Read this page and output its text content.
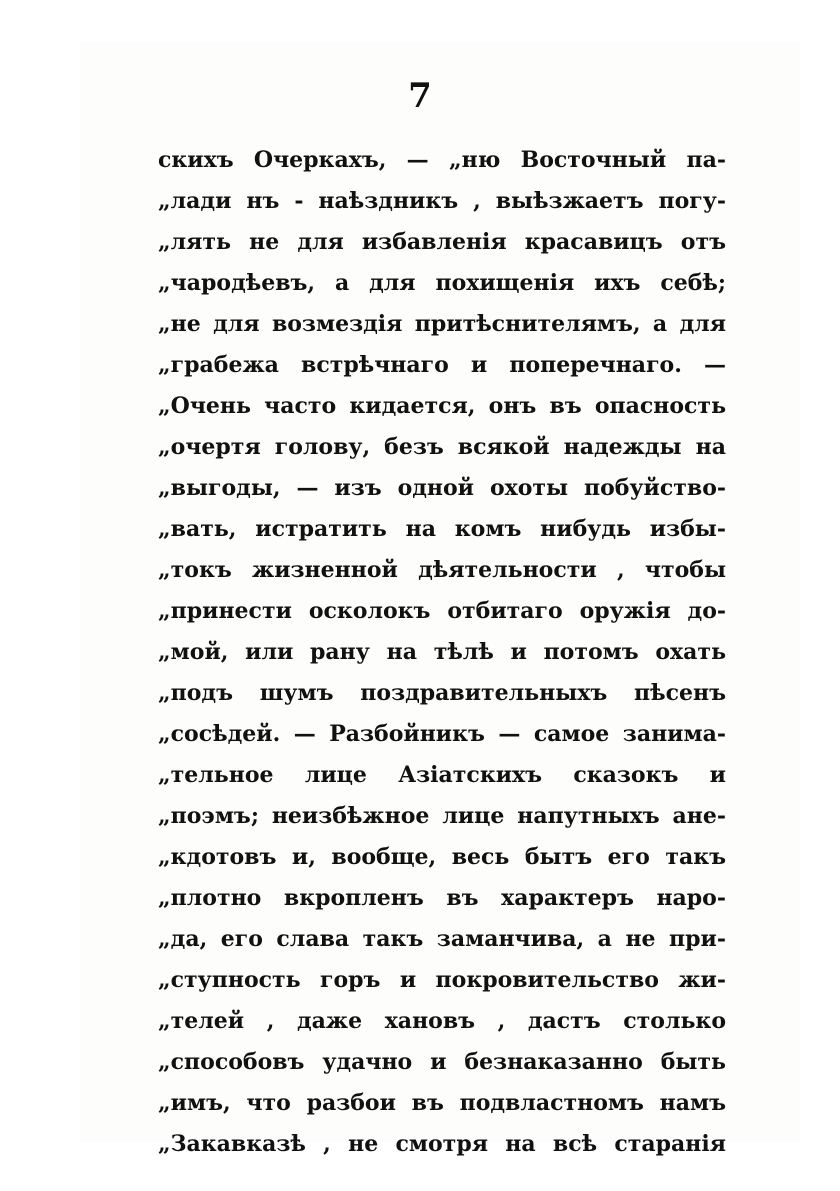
7
скихъ Очеркахъ, — „ню Восточный па-
„лади нъ - наѣздникъ , выѣзжаетъ погу-
„лять не для избавленія красавицъ отъ
„чародѣевъ, а для похищенія ихъ себѣ;
„не для возмездія притѣснителямъ, а для
„грабежа встрѣчнаго и поперечнаго. —
„Очень часто кидается, онъ въ опасность
„очертя голову, безъ всякой надежды на
„выгоды, — изъ одной охоты побуйство-
„вать, истратить на комъ нибудь избы-
„токъ жизненной дѣятельности , чтобы
„принести осколокъ отбитаго оружія до-
„мой, или рану на тѣлѣ и потомъ охать
„подъ шумъ поздравительныхъ пѣсенъ
„сосѣдей. — Разбойникъ — самое занима-
„тельное лице Азіатскихъ сказокъ и
„поэмъ; неизбѣжное лице напутныхъ анe-
„кдотовъ и, вообще, весь бытъ его такъ
„плотно вкропленъ въ характеръ наро-
„да, его слава такъ заманчива, а не при-
„ступность горъ и покровительство жи-
„телей , даже хановъ , дастъ столько
„способовъ удачно и безнаказанно быть
„имъ, что разбои въ подвластномъ намъ
„Закавказѣ , не смотря на всѣ старанія
